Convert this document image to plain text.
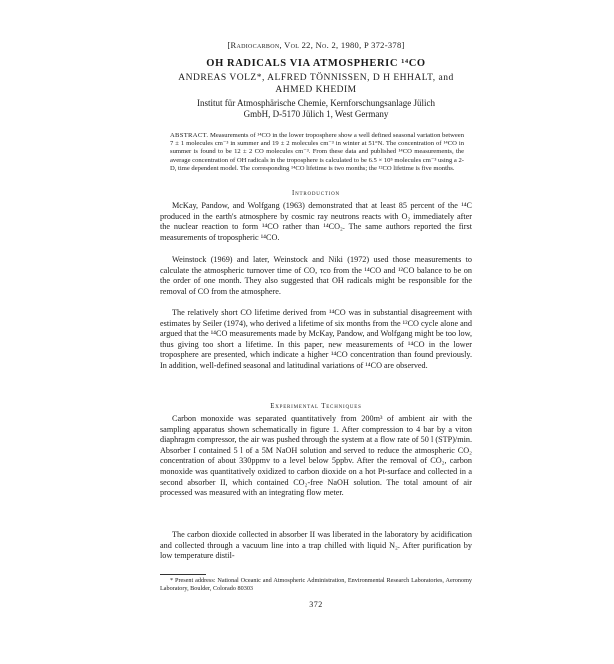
[Radiocarbon, Vol 22, No. 2, 1980, P 372-378]
OH RADICALS VIA ATMOSPHERIC ¹⁴CO
ANDREAS VOLZ*, ALFRED TÖNNISSEN, D H EHHALT, and
AHMED KHEDIM
Institut für Atmosphärische Chemie, Kernforschungsanlage Jülich
GmbH, D-5170 Jülich 1, West Germany
ABSTRACT. Measurements of ¹⁴CO in the lower troposphere show a well defined seasonal variation between 7 ± 1 molecules cm⁻³ in summer and 19 ± 2 molecules cm⁻³ in winter at 51°N. The concentration of ¹⁴CO in summer is found to be 12 ± 2 CO molecules cm⁻³. From these data and published ¹⁴CO measurements, the average concentration of OH radicals in the troposphere is calculated to be 6.5 × 10⁵ molecules cm⁻³ using a 2-D, time dependent model. The corresponding ¹⁴CO lifetime is two months; the ¹²CO lifetime is five months.
Introduction
McKay, Pandow, and Wolfgang (1963) demonstrated that at least 85 percent of the ¹⁴C produced in the earth's atmosphere by cosmic ray neutrons reacts with O₂ immediately after the nuclear reaction to form ¹⁴CO rather than ¹⁴CO₂. The same authors reported the first measurements of tropospheric ¹⁴CO.
Weinstock (1969) and later, Weinstock and Niki (1972) used those measurements to calculate the atmospheric turnover time of CO, τco from the ¹⁴CO and ¹²CO balance to be on the order of one month. They also suggested that OH radicals might be responsible for the removal of CO from the atmosphere.
The relatively short CO lifetime derived from ¹⁴CO was in substantial disagreement with estimates by Seiler (1974), who derived a lifetime of six months from the ¹²CO cycle alone and argued that the ¹⁴CO measurements made by McKay, Pandow, and Wolfgang might be too low, thus giving too short a lifetime. In this paper, new measurements of ¹⁴CO in the lower troposphere are presented, which indicate a higher ¹⁴CO concentration than found previously. In addition, well-defined seasonal and latitudinal variations of ¹⁴CO are observed.
Experimental Techniques
Carbon monoxide was separated quantitatively from 200m³ of ambient air with the sampling apparatus shown schematically in figure 1. After compression to 4 bar by a viton diaphragm compressor, the air was pushed through the system at a flow rate of 50 l (STP)/min. Absorber I contained 5 l of a 5M NaOH solution and served to reduce the atmospheric CO₂ concentration of about 330ppmv to a level below 5ppbv. After the removal of CO₂, carbon monoxide was quantitatively oxidized to carbon dioxide on a hot Pt-surface and collected in a second absorber II, which contained CO₂-free NaOH solution. The total amount of air processed was measured with an integrating flow meter.
The carbon dioxide collected in absorber II was liberated in the laboratory by acidification and collected through a vacuum line into a trap chilled with liquid N₂. After purification by low temperature distil-
* Present address: National Oceanic and Atmospheric Administration, Environmental Research Laboratories, Aeronomy Laboratory, Boulder, Colorado 80303
372
